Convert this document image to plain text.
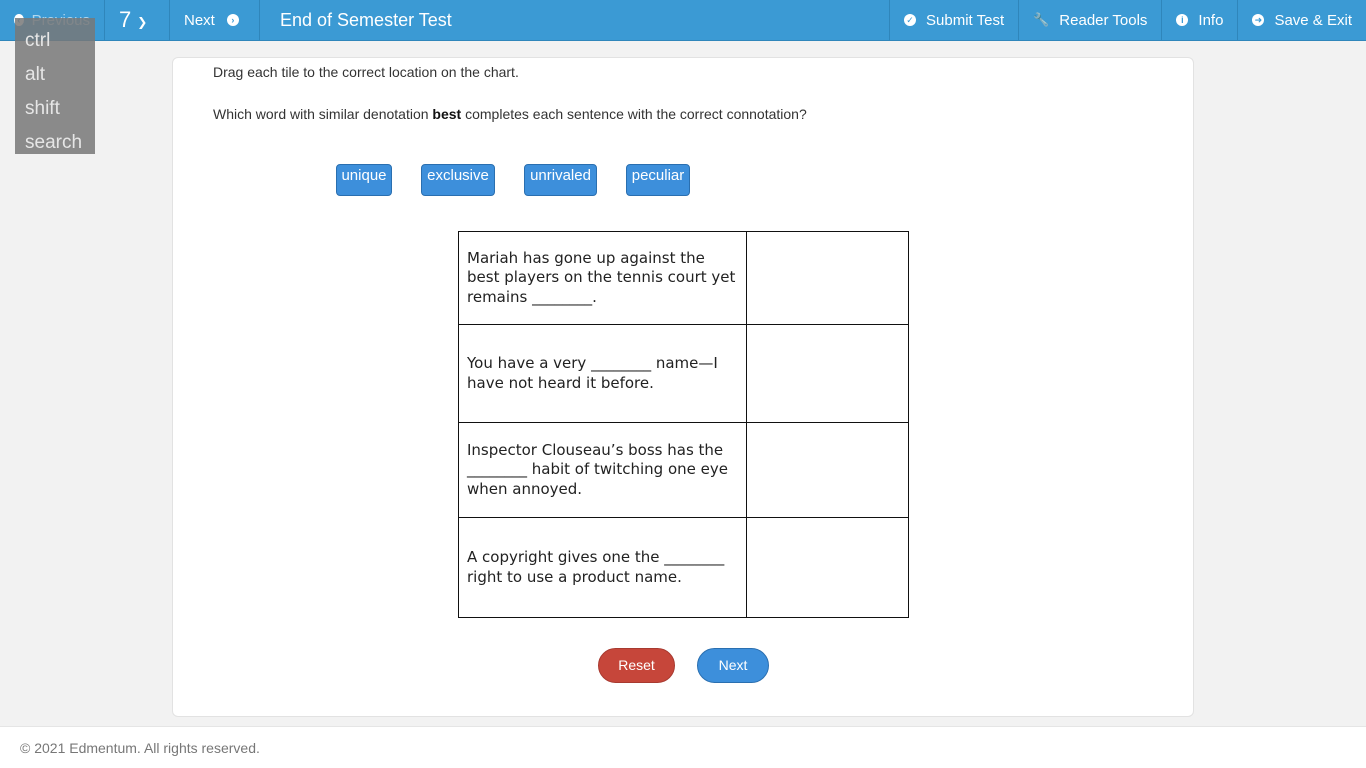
7 ❯ Next	›	End of Semester Test	✓ Submit Test 🔧 Reader Tools	i Info	➜ Save & Exit
ctrl
alt
shift
search
Drag each tile to the correct location on the chart.
Which word with similar denotation best completes each sentence with the correct connotation?
unique	exclusive	unrivaled	peculiar
Mariah has gone up against the best players on the tennis court yet remains ________.	
You have a very ________ name—I have not heard it before.	
Inspector Clouseau’s boss has the ________ habit of twitching one eye when annoyed.	
A copyright gives one the ________ right to use a product name.	
Reset	Next
© 2021 Edmentum. All rights reserved.
